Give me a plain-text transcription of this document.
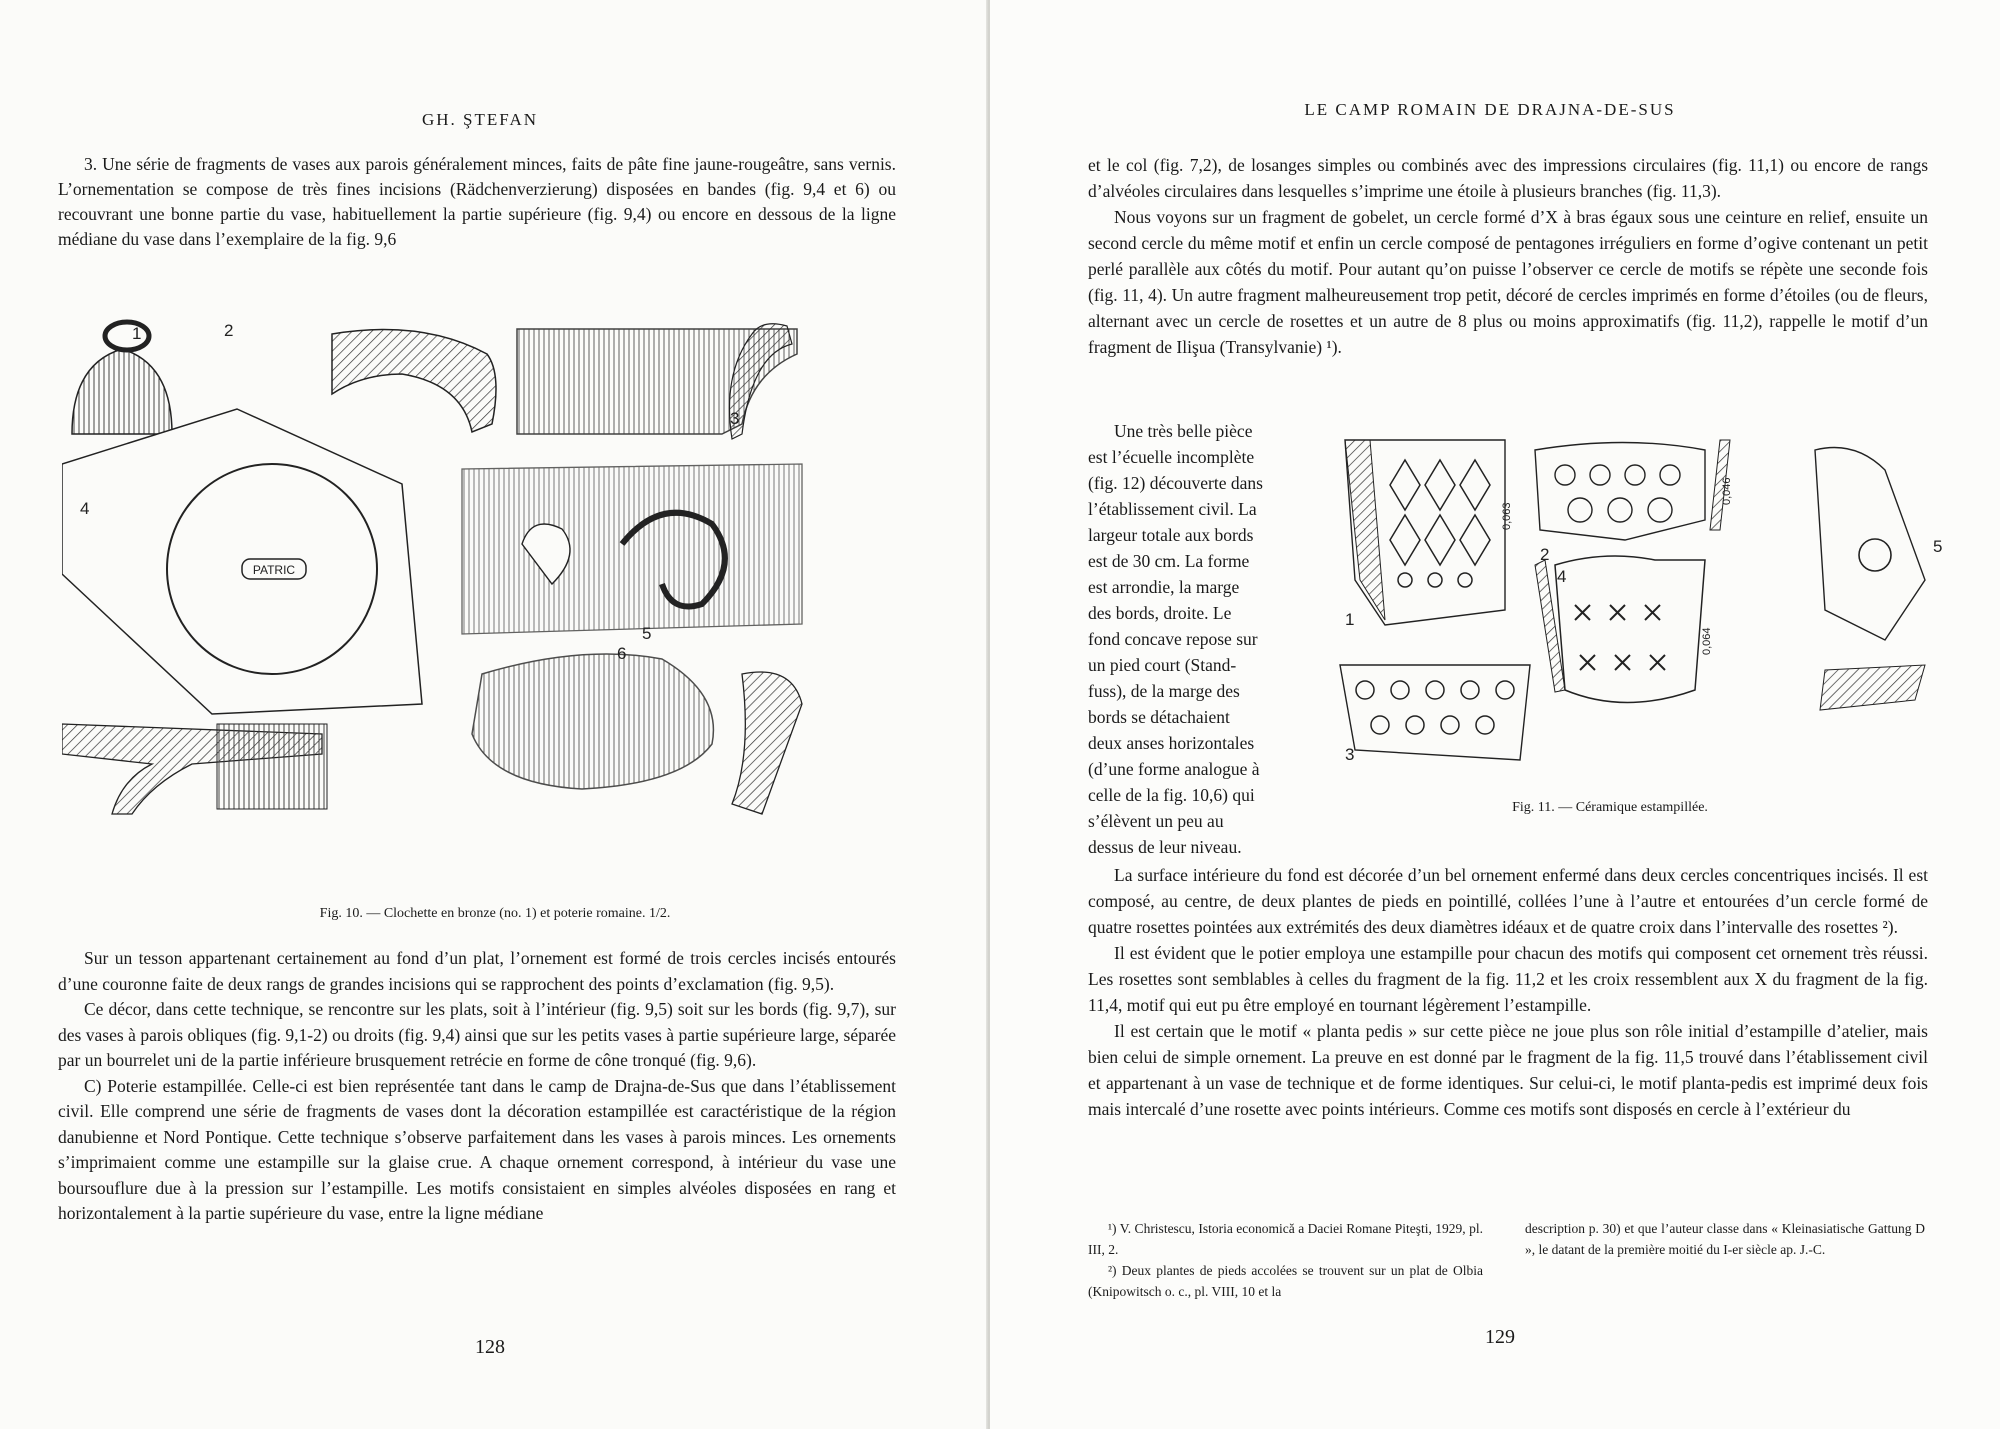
GH. ŞTEFAN

3. Une série de fragments de vases aux parois généralement minces, faits de pâte fine jaune-rougeâtre, sans vernis. L’ornementation se compose de très fines incisions (Rädchenverzierung) disposées en bandes (fig. 9,4 et 6) ou recouvrant une bonne partie du vase, habituellement la partie supérieure (fig. 9,4) ou encore en dessous de la ligne médiane du vase dans l’exemplaire de la fig. 9,6

PATRIC
1	2
3
4
5
6
Fig. 10. — Clochette en bronze (no. 1) et poterie romaine. 1/2.

Sur un tesson appartenant certainement au fond d’un plat, l’ornement est formé de trois cercles incisés entourés d’une couronne faite de deux rangs de grandes incisions qui se rapprochent des points d’exclamation (fig. 9,5).

Ce décor, dans cette technique, se rencontre sur les plats, soit à l’intérieur (fig. 9,5) soit sur les bords (fig. 9,7), sur des vases à parois obliques (fig. 9,1-2) ou droits (fig. 9,4) ainsi que sur les petits vases à partie supérieure large, séparée par un bourrelet uni de la partie inférieure brusquement retrécie en forme de cône tronqué (fig. 9,6).

C) Poterie estampillée. Celle-ci est bien représentée tant dans le camp de Drajna-de-Sus que dans l’établissement civil. Elle comprend une série de fragments de vases dont la décoration estampillée est caractéristique de la région danubienne et Nord Pontique. Cette technique s’observe parfaitement dans les vases à parois minces. Les ornements s’imprimaient comme une estampille sur la glaise crue. A chaque ornement correspond, à intérieur du vase une boursouflure due à la pression sur l’estampille. Les motifs consistaient en simples alvéoles disposées en rang et horizontalement à la partie supérieure du vase, entre la ligne médiane

128
LE CAMP ROMAIN DE DRAJNA-DE-SUS

et le col (fig. 7,2), de losanges simples ou combinés avec des impressions circulaires (fig. 11,1) ou encore de rangs d’alvéoles circulaires dans lesquelles s’imprime une étoile à plusieurs branches (fig. 11,3).

Nous voyons sur un fragment de gobelet, un cercle formé d’X à bras égaux sous une ceinture en relief, ensuite un second cercle du même motif et enfin un cercle composé de pentagones irréguliers en forme d’ogive contenant un petit perlé parallèle aux côtés du motif. Pour autant qu’on puisse l’observer ce cercle de motifs se répète une seconde fois (fig. 11, 4). Un autre fragment malheureusement trop petit, décoré de cercles imprimés en forme d’étoiles (ou de fleurs, alternant avec un cercle de rosettes et un autre de 8 plus ou moins approximatifs (fig. 11,2), rappelle le motif d’un fragment de Ilişua (Transylvanie) ¹).

Une très belle pièce
est l’écuelle incomplète
(fig. 12) découverte dans
l’établissement civil. La
largeur totale aux bords
est de 30 cm. La forme
est arrondie, la marge
des bords, droite. Le
fond concave repose sur
un pied court (Stand-
fuss), de la marge des
bords se détachaient
deux anses horizontales
(d’une forme analogue à
celle de la fig. 10,6) qui
s’élèvent un peu au
dessus de leur niveau.
0,063
0,046
0,064
1
2
3
4
5
Fig. 11. — Céramique estampillée.

La surface intérieure du fond est décorée d’un bel ornement enfermé dans deux cercles concentriques incisés. Il est composé, au centre, de deux plantes de pieds en pointillé, collées l’une à l’autre et entourées d’un cercle formé de quatre rosettes pointées aux extrémités des deux diamètres idéaux et de quatre croix dans l’intervalle des rosettes ²).

Il est évident que le potier employa une estampille pour chacun des motifs qui composent cet ornement très réussi. Les rosettes sont semblables à celles du fragment de la fig. 11,2 et les croix ressemblent aux X du fragment de la fig. 11,4, motif qui eut pu être employé en tournant légèrement l’estampille.

Il est certain que le motif « planta pedis » sur cette pièce ne joue plus son rôle initial d’estampille d’atelier, mais bien celui de simple ornement. La preuve en est donné par le fragment de la fig. 11,5 trouvé dans l’établissement civil et appartenant à un vase de technique et de forme identiques. Sur celui-ci, le motif planta-pedis est imprimé deux fois mais intercalé d’une rosette avec points intérieurs. Comme ces motifs sont disposés en cercle à l’extérieur du

¹) V. Christescu, Istoria economică a Daciei Romane Piteşti, 1929, pl. III, 2.

²) Deux plantes de pieds accolées se trouvent sur un plat de Olbia (Knipowitsch o. c., pl. VIII, 10 et la

description p. 30) et que l’auteur classe dans « Kleinasiatische Gattung D », le datant de la première moitié du I-er siècle ap. J.-C.

129
